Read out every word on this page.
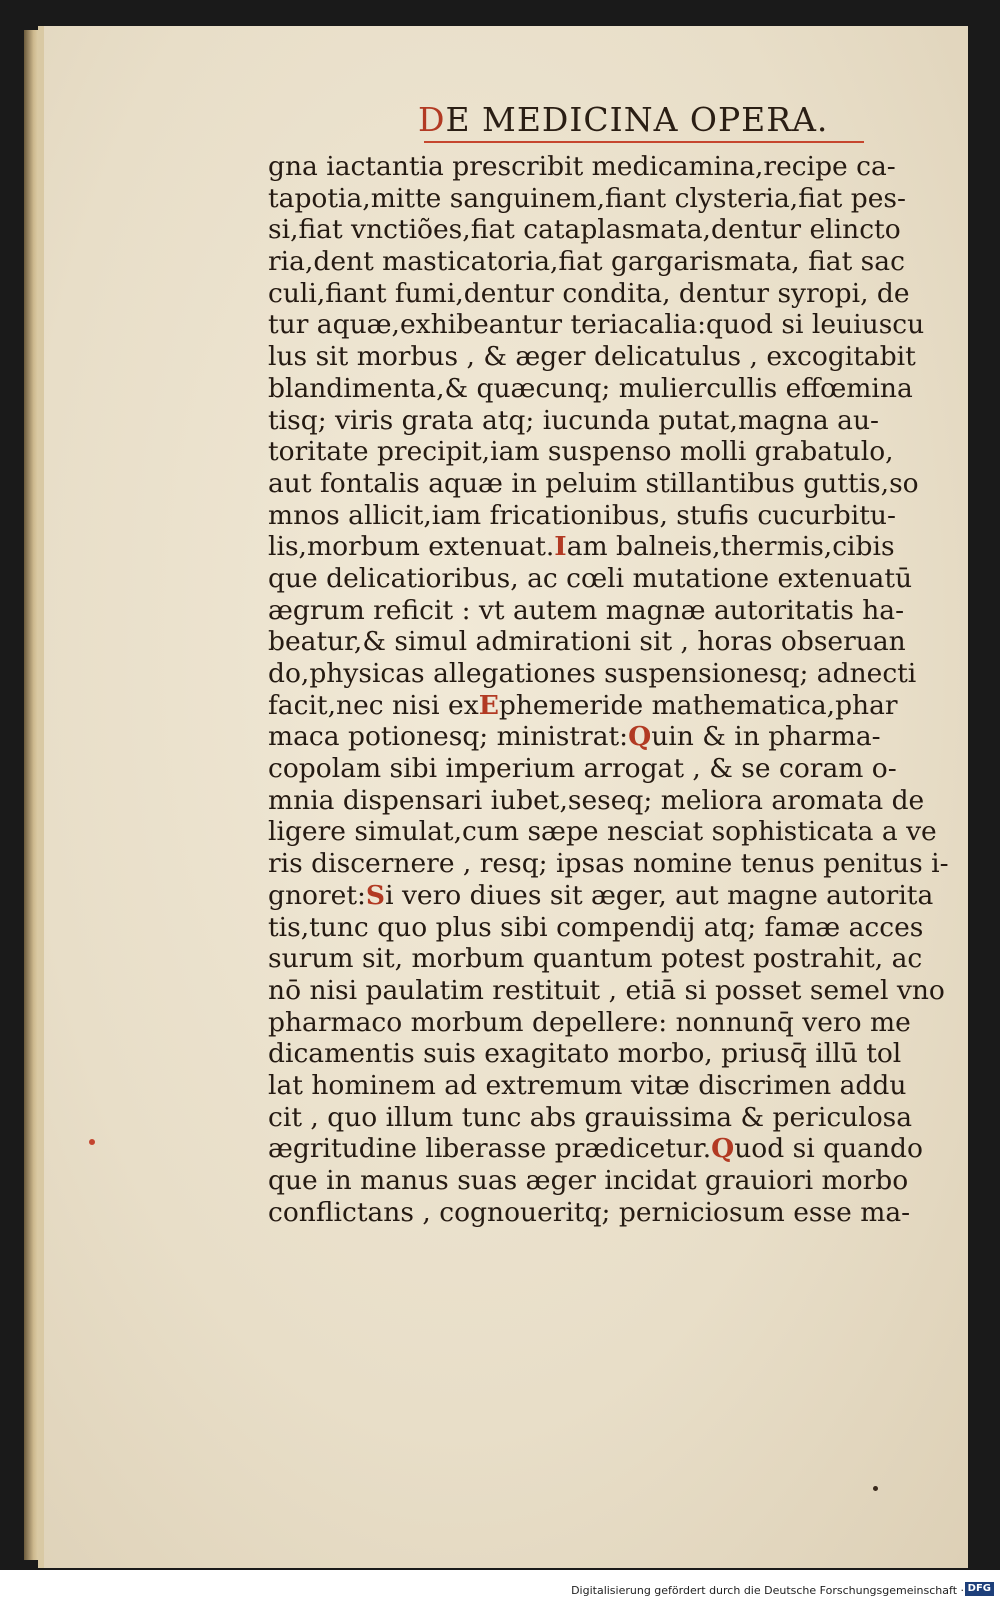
DE MEDICINA OPERA.
gna iactantia prescribit medicamina,recipe ca-
tapotia,mitte sanguinem,fiant clysteria,fiat pes-
si,fiat vnctiões,fiat cataplasmata,dentur elincto
ria,dent masticatoria,fiat gargarismata, fiat sac
culi,fiant fumi,dentur condita, dentur syropi, de
tur aquæ,exhibeantur teriacalia:quod si leuiuscu
lus sit morbus , & æger delicatulus , excogitabit
blandimenta,& quæcunq; muliercullis effœmina
tisq; viris grata atq; iucunda putat,magna au-
toritate precipit,iam suspenso molli grabatulo,
aut fontalis aquæ in peluim stillantibus guttis,so
mnos allicit,iam fricationibus, stufis cucurbitu-
lis,morbum extenuat.Iam balneis,thermis,cibis
que delicatioribus, ac cœli mutatione extenuatū
ægrum reficit : vt autem magnæ autoritatis ha-
beatur,& simul admirationi sit , horas obseruan
do,physicas allegationes suspensionesq; adnecti
facit,nec nisi exEphemeride mathematica,phar
maca potionesq; ministrat:Quin & in pharma-
copolam sibi imperium arrogat , & se coram o-
mnia dispensari iubet,seseq; meliora aromata de
ligere simulat,cum sæpe nesciat sophisticata a ve
ris discernere , resq; ipsas nomine tenus penitus i-
gnoret:Si vero diues sit æger, aut magne autorita
tis,tunc quo plus sibi compendij atq; famæ acces
surum sit, morbum quantum potest postrahit, ac
nō nisi paulatim restituit , etiā si posset semel vno
pharmaco morbum depellere: nonnunq̄ vero me
dicamentis suis exagitato morbo, priusq̄ illū tol
lat hominem ad extremum vitæ discrimen addu
cit , quo illum tunc abs grauissima & periculosa
ægritudine liberasse prædicetur.Quod si quando
que in manus suas æger incidat grauiori morbo
conflictans , cognoueritq; perniciosum esse ma-
Digitalisierung gefördert durch die Deutsche Forschungsgemeinschaft · DFG
